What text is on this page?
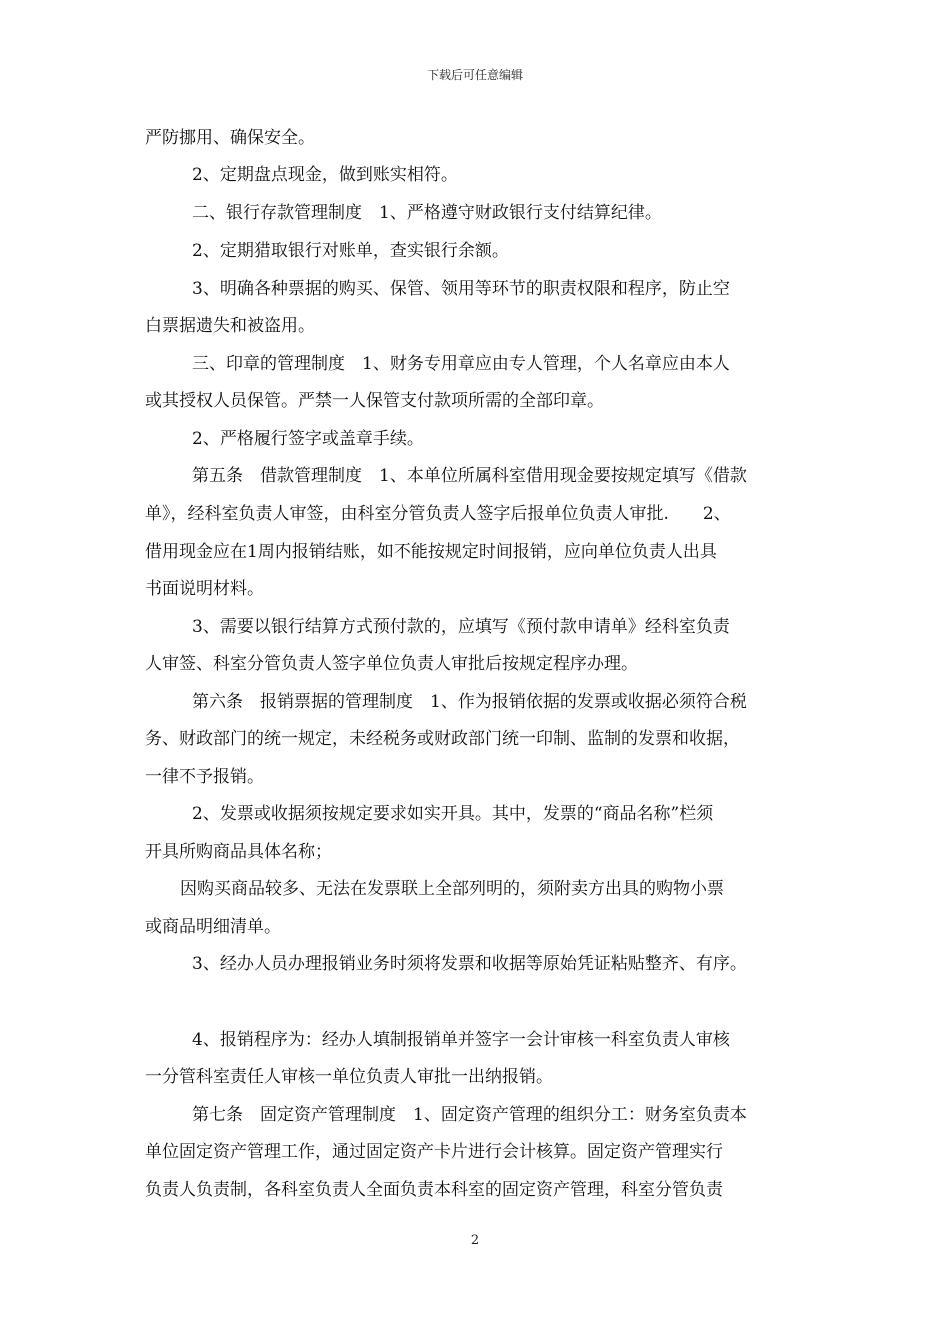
下载后可任意编辑
严防挪用、确保安全。
2、定期盘点现金，做到账实相符。
二、银行存款管理制度　1、严格遵守财政银行支付结算纪律。
2、定期猎取银行对账单，查实银行余额。
3、明确各种票据的购买、保管、领用等环节的职责权限和程序，防止空
白票据遗失和被盗用。
三、印章的管理制度　1、财务专用章应由专人管理，个人名章应由本人
或其授权人员保管。严禁一人保管支付款项所需的全部印章。
2、严格履行签字或盖章手续。
第五条　借款管理制度　1、本单位所属科室借用现金要按规定填写《借款
单》，经科室负责人审签，由科室分管负责人签字后报单位负责人审批.　　2、
借用现金应在1周内报销结账，如不能按规定时间报销，应向单位负责人出具
书面说明材料。
3、需要以银行结算方式预付款的，应填写《预付款申请单》经科室负责
人审签、科室分管负责人签字单位负责人审批后按规定程序办理。
第六条　报销票据的管理制度　1、作为报销依据的发票或收据必须符合税
务、财政部门的统一规定，未经税务或财政部门统一印制、监制的发票和收据，
一律不予报销。
2、发票或收据须按规定要求如实开具。其中，发票的“商品名称”栏须
开具所购商品具体名称；
因购买商品较多、无法在发票联上全部列明的，须附卖方出具的购物小票
或商品明细清单。
3、经办人员办理报销业务时须将发票和收据等原始凭证粘贴整齐、有序。
4、报销程序为：经办人填制报销单并签字一会计审核一科室负责人审核
一分管科室责任人审核一单位负责人审批一出纳报销。
第七条　固定资产管理制度　1、固定资产管理的组织分工：财务室负责本
单位固定资产管理工作，通过固定资产卡片进行会计核算。固定资产管理实行
负责人负责制，各科室负责人全面负责本科室的固定资产管理，科室分管负责
2
